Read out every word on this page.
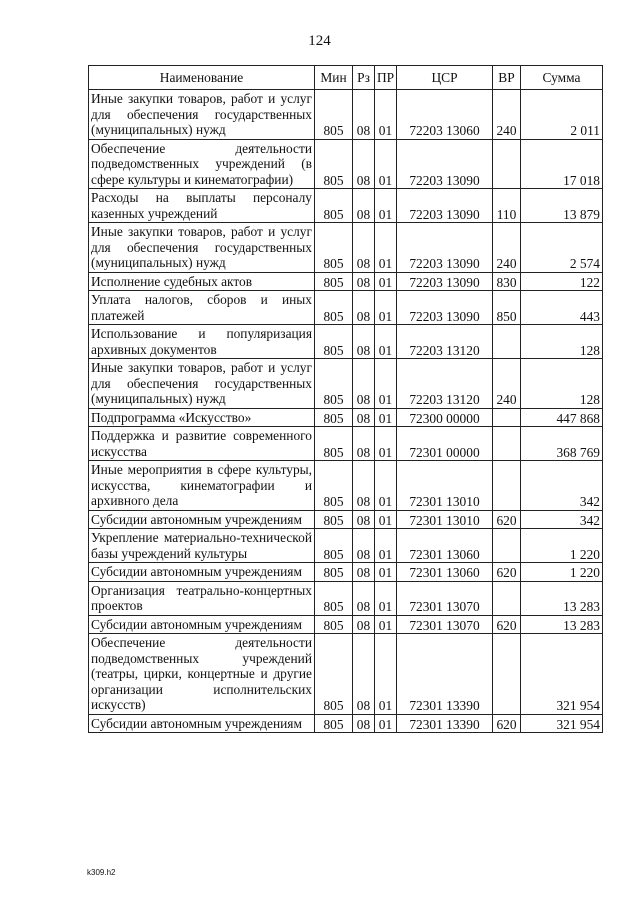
124
Наименование	Мин	Рз	ПР	ЦСР	ВР	Сумма
Иные закупки товаров, работ и услуг для обеспечения государственных (муниципальных) нужд	805	08	01	72203 13060	240	2 011
Обеспечение деятельности подведомственных учреждений (в сфере культуры и кинематографии)	805	08	01	72203 13090		17 018
Расходы на выплаты персоналу казенных учреждений	805	08	01	72203 13090	110	13 879
Иные закупки товаров, работ и услуг для обеспечения государственных (муниципальных) нужд	805	08	01	72203 13090	240	2 574
Исполнение судебных актов	805	08	01	72203 13090	830	122
Уплата налогов, сборов и иных платежей	805	08	01	72203 13090	850	443
Использование и популяризация архивных документов	805	08	01	72203 13120		128
Иные закупки товаров, работ и услуг для обеспечения государственных (муниципальных) нужд	805	08	01	72203 13120	240	128
Подпрограмма «Искусство»	805	08	01	72300 00000		447 868
Поддержка и развитие современного искусства	805	08	01	72301 00000		368 769
Иные мероприятия в сфере культуры, искусства, кинематографии и архивного дела	805	08	01	72301 13010		342
Субсидии автономным учреждениям	805	08	01	72301 13010	620	342
Укрепление материально-технической базы учреждений культуры	805	08	01	72301 13060		1 220
Субсидии автономным учреждениям	805	08	01	72301 13060	620	1 220
Организация театрально-концертных проектов	805	08	01	72301 13070		13 283
Субсидии автономным учреждениям	805	08	01	72301 13070	620	13 283
Обеспечение деятельности подведомственных учреждений (театры, цирки, концертные и другие организации исполнительских искусств)	805	08	01	72301 13390		321 954
Субсидии автономным учреждениям	805	08	01	72301 13390	620	321 954
k309.h2
